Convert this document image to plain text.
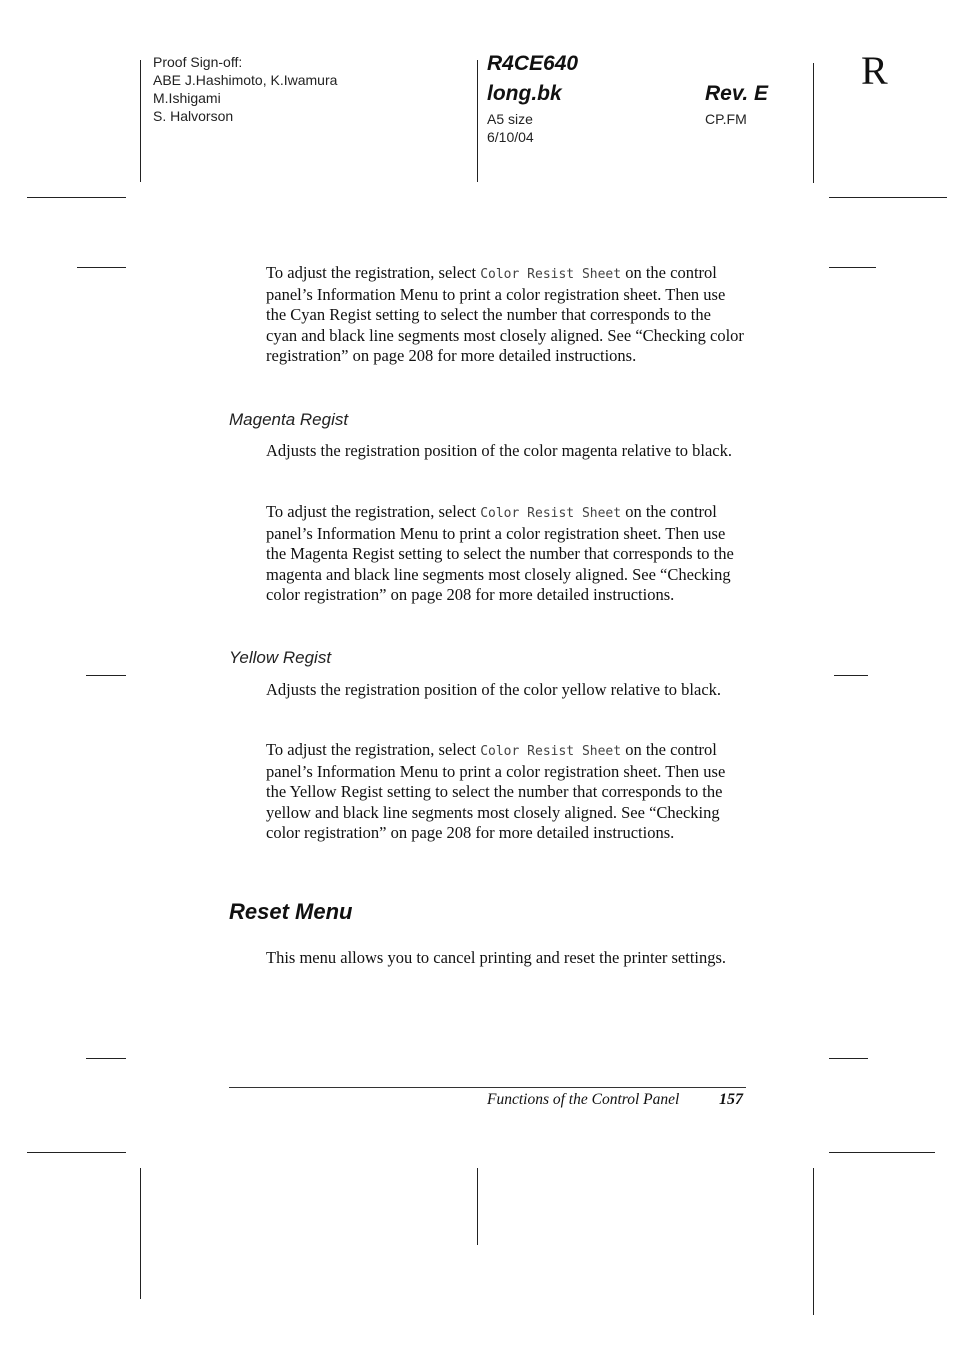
Proof Sign-off:
ABE J.Hashimoto, K.Iwamura
M.Ishigami
S. Halvorson
R4CE640
long.bk
A5 size
6/10/04
Rev. E
CP.FM
R
To adjust the registration, select Color Resist Sheet on the control panel’s Information Menu to print a color registration sheet. Then use the Cyan Regist setting to select the number that corresponds to the cyan and black line segments most closely aligned. See “Checking color registration” on page 208 for more detailed instructions.
Magenta Regist
Adjusts the registration position of the color magenta relative to black.
To adjust the registration, select Color Resist Sheet on the control panel’s Information Menu to print a color registration sheet. Then use the Magenta Regist setting to select the number that corresponds to the magenta and black line segments most closely aligned. See “Checking color registration” on page 208 for more detailed instructions.
Yellow Regist
Adjusts the registration position of the color yellow relative to black.
To adjust the registration, select Color Resist Sheet on the control panel’s Information Menu to print a color registration sheet. Then use the Yellow Regist setting to select the number that corresponds to the yellow and black line segments most closely aligned. See “Checking color registration” on page 208 for more detailed instructions.
Reset Menu
This menu allows you to cancel printing and reset the printer settings.
Functions of the Control Panel 157
